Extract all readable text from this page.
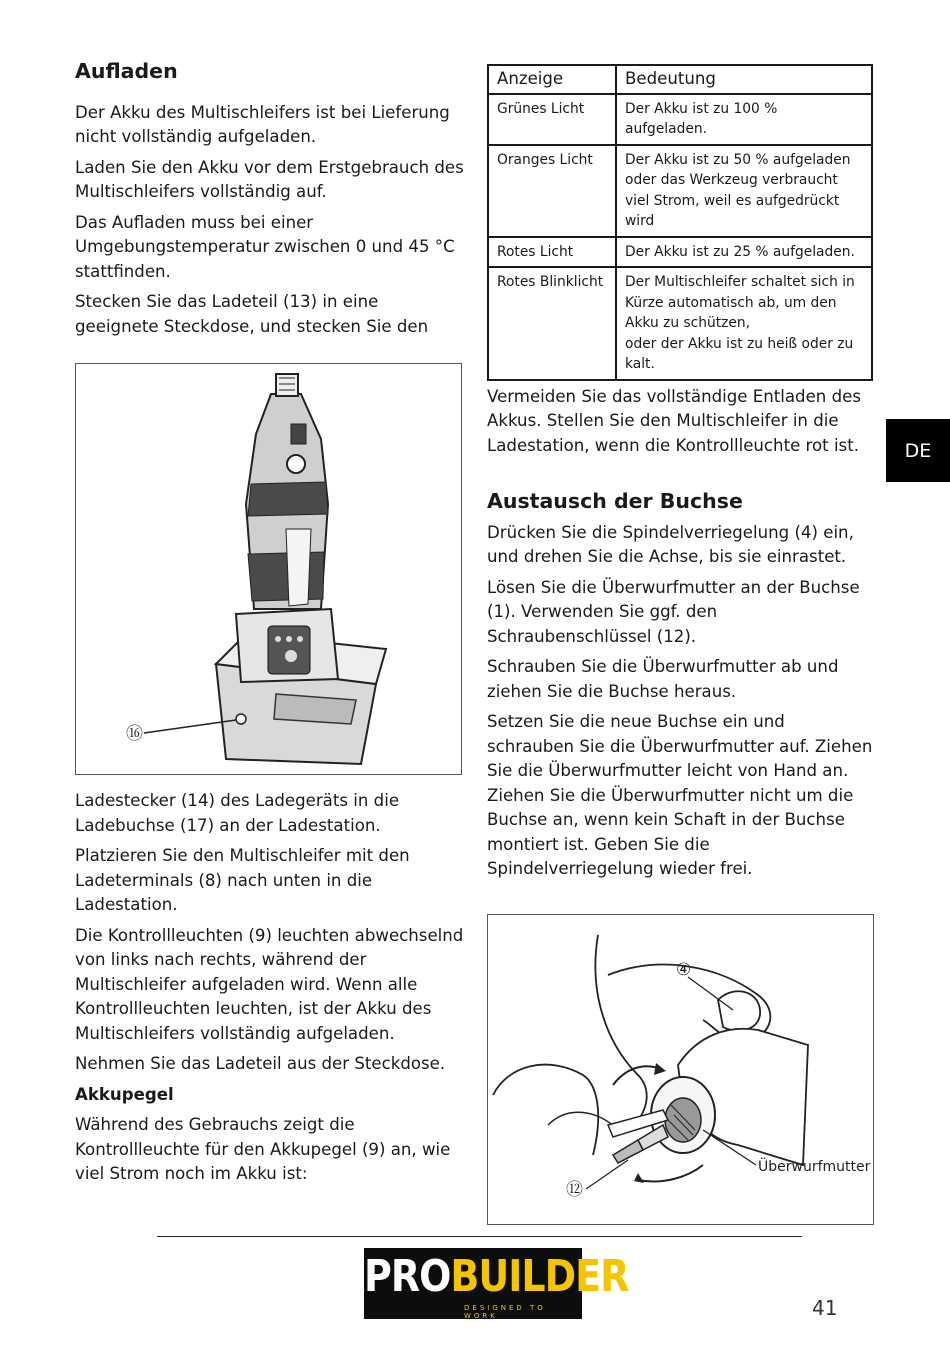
Aufladen

Der Akku des Multischleifers ist bei Lieferung nicht vollständig aufgeladen.

Laden Sie den Akku vor dem Erstgebrauch des Multischleifers vollständig auf.

Das Aufladen muss bei einer Umgebungstemperatur zwischen 0 und 45 °C stattfinden.

Stecken Sie das Ladeteil (13) in eine geeignete Steckdose, und stecken Sie den

⑯

Ladestecker (14) des Ladegeräts in die Ladebuchse (17) an der Ladestation.

Platzieren Sie den Multischleifer mit den Ladeterminals (8) nach unten in die Ladestation.

Die Kontrollleuchten (9) leuchten abwechselnd von links nach rechts, während der Multischleifer aufgeladen wird. Wenn alle Kontrollleuchten leuchten, ist der Akku des Multischleifers vollständig aufgeladen.

Nehmen Sie das Ladeteil aus der Steckdose.

Akkupegel

Während des Gebrauchs zeigt die Kontrollleuchte für den Akkupegel (9) an, wie viel Strom noch im Akku ist:

Anzeige	Bedeutung
Grünes Licht	Der Akku ist zu 100 % aufgeladen.
Oranges Licht	Der Akku ist zu 50 % aufgeladen oder das Werkzeug verbraucht viel Strom, weil es aufgedrückt wird
Rotes Licht	Der Akku ist zu 25 % aufgeladen.
Rotes Blinklicht	Der Multischleifer schaltet sich in Kürze automatisch ab, um den Akku zu schützen,
oder der Akku ist zu heiß oder zu kalt.

Vermeiden Sie das vollständige Entladen des Akkus. Stellen Sie den Multischleifer in die Ladestation, wenn die Kontrollleuchte rot ist.

Austausch der Buchse

Drücken Sie die Spindelverriegelung (4) ein, und drehen Sie die Achse, bis sie einrastet.

Lösen Sie die Überwurfmutter an der Buchse (1). Verwenden Sie ggf. den Schraubenschlüssel (12).

Schrauben Sie die Überwurfmutter ab und ziehen Sie die Buchse heraus.

Setzen Sie die neue Buchse ein und schrauben Sie die Überwurfmutter auf. Ziehen Sie die Überwurfmutter leicht von Hand an. Ziehen Sie die Überwurfmutter nicht um die Buchse an, wenn kein Schaft in der Buchse montiert ist. Geben Sie die Spindelverriegelung wieder frei.

④
⑫
Überwurfmutter
DE
PROBUILDER
DESIGNED TO WORK	41
